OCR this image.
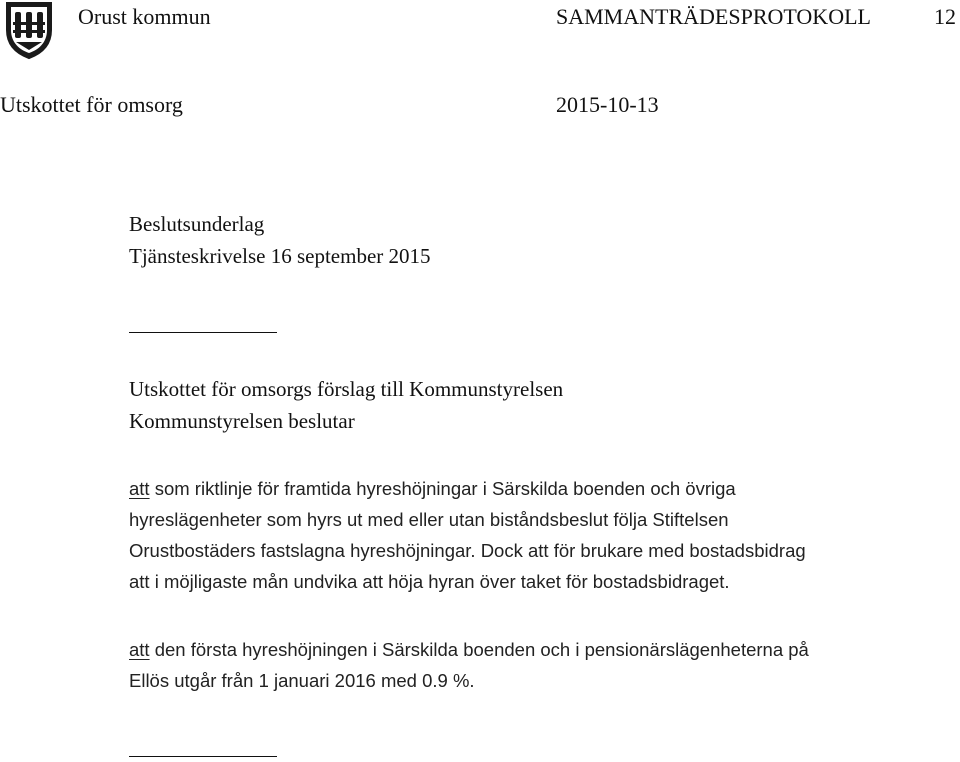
Orust kommun	SAMMANTRÄDESPROTOKOLL	12
Utskottet för omsorg	2015-10-13
Beslutsunderlag
Tjänsteskrivelse 16 september 2015
Utskottet för omsorgs förslag till Kommunstyrelsen
Kommunstyrelsen beslutar
att som riktlinje för framtida hyreshöjningar i Särskilda boenden och övriga
hyreslägenheter som hyrs ut med eller utan biståndsbeslut följa Stiftelsen
Orustbostäders fastslagna hyreshöjningar. Dock att för brukare med bostadsbidrag
att i möjligaste mån undvika att höja hyran över taket för bostadsbidraget.
att den första hyreshöjningen i Särskilda boenden och i pensionärslägenheterna på
Ellös utgår från 1 januari 2016 med 0.9 %.
